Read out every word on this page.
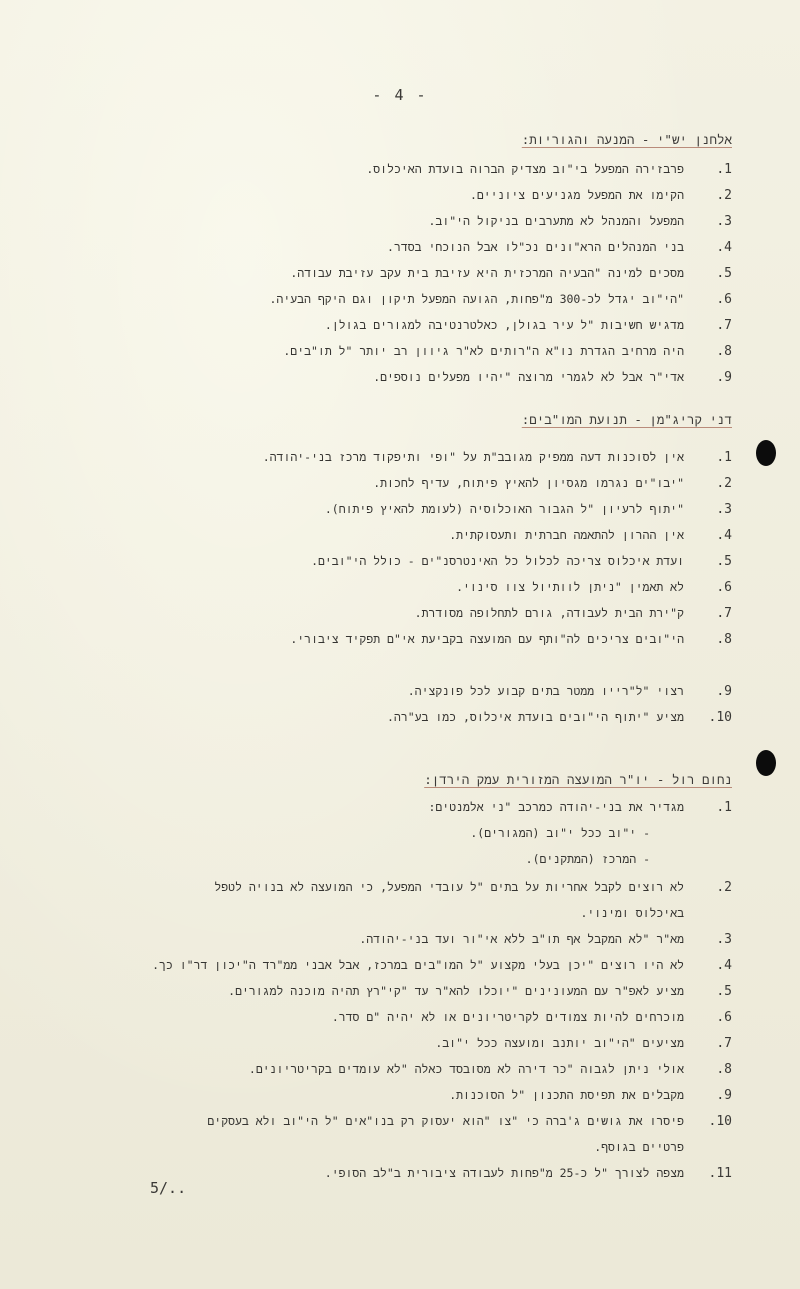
- 4 -
אלחנן יש"י - המנעה והגוריות:
.1
פרבזירה המפעל בי"וב מצדיק הברוה בועדת האיכלוס.
.2
הקימו את המפעל מגניעים ציוניים.
.3
המפעל והמנהל לא מתערבים בניקול הי"וב.
.4
בני המנהלים הרא"ונים נכ"לו אבל הנוכחי בסדר.
.5
מסכים למינה "הבעיה המרכזית היא עזיבת בית עקב עזיבת עבודה.
.6
"הי"וב יגדל לכ-300 מ"פחות, הגועה המפעל תיקון וגם היקף הבעיה.
.7
מדגיש חשיבות "ל עיר בגולן, כאלטרנטיבה למגורים בגולן.
.8
היה מרחיב הגדרת נו"א ה"רותים לא"ר גיוון רב יותר "ל תו"בים.
.9
אדי"ר אבל לא לגמרי מרוצה "יהיו מפעלים נוספים.
דני קריג"מן - תנועת המו"בים:
.1
אין לסוכנות דעה ממפיק מגובב"ת על "ופי ותיפקוד מרכז בני-יהודה.
.2
"יבו"ים נגרמו מגסיון להאיץ פיתוח, עדיף לחכות.
.3
"יתוף לרעיון "ל הגבור האוכלוסיה (לעומת להאיץ פיתוח).
.4
אין ההרון להתאמה חברתית ותעסוקתית.
.5
ועדת איכלוס צריכה לכלול כל האינטרסנ"ים - כולל הי"ובים.
.6
לא תאמין "ניתן לוותיול צוו סינוי.
.7
ק"ירת הבית לעבודה, גורם לתחלופה מסודרת.
.8
הי"ובים צריכים לה"ותף עם המועצה בקביעת אי"ם תפקיד ציבורי.
.9
רצוי "ל"רייו ממטר בתים קבוע לכל פונקציה.
.10
מציע "יתוף הי"ובים בועדת איכלוס, כמו בע"רה.
נחום רול - יו"ר המועצה המזורית עמק הירדן:
.1
מגדיר את בני-יהודה כמרכב "ני אלמנטים:
- י"וב ככל י"וב (המגורים).
- המרכז (המתקנים).
.2
לא רוצים לקבל אחריות על בתים "ל עובדי המפעל, כי המועצה לא בנויה לטפל
באיכלוס ומינוי.
.3
מא"ר "לא המקבל אף תו"ב ללא אי"ור ועד בני-יהודה.
.4
לא היו רוצים "יכן בעלי מקצוע "ל המו"בים במרכז, אבל אבני ממ"רד ה"יכון דר"ו כך.
.5
מציע לאפ"ר עם המעונינים "יוכלו להא"ר עד "קי"רץ תהיה מוכנה למגורים.
.6
מוכרחים להיות צמודים לקריטריונים או לא יהיה "ם סדר.
.7
מציעים "הי"וב יותנב ומועצה ככל י"וב.
.8
אולי ניתן לגבוה "כר דירה לא מסובסד כאלה "לא עומדים בקריטריונים.
.9
מקבלים את תפיסת התכנון "ל הסוכנות.
.10
פיסרו את גושים ג'ברה כי "צו "הוא יעסוק רק בנו"אים "ל הי"וב ולא בעסקים
פרטיים בגוסף.
.11
מצפה לצורך "ל כ-25 מ"פחות לעבודה ציבורית ב"לב הסופי.
5/..
